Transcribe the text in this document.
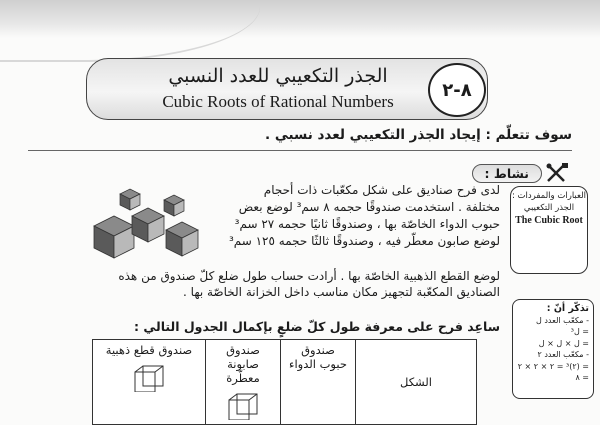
الجذر التكعيبي للعدد النسبي
Cubic Roots of Rational Numbers
٨-٢
سوف تتعلّم : إيجاد الجذر التكعيبي لعدد نسبي .
نشاط :
العبارات والمفردات :
الجذر التكعيبي
The Cubic Root
لدى فرح صناديق على شكل مكعّبات ذات أحجام
مختلفة . استخدمت صندوقًا حجمه ٨ سم³ لوضع بعض
حبوب الدواء الخاصّة بها ، وصندوقًا ثانيًا حجمه ٢٧ سم³
لوضع صابون معطّر فيه ، وصندوقًا ثالثًا حجمه ١٢٥ سم³
لوضع القطع الذهبية الخاصّة بها . أرادت حساب طول ضلع كلّ صندوق من هذه
الصناديق المكعّبة لتجهيز مكان مناسب داخل الخزانة الخاصّة بها .
ساعِد فرح على معرفة طول كلّ ضلعٍ بإكمال الجدول التالي :
تذكّر أنّ :
- مكعّب العدد ل
= ل³
= ل × ل × ل
- مكعّب العدد ٢
= (٢)³ = ٢ × ٢ × ٢
= ٨
الشكل	
صندوق حبوب الدواء

صندوق صابونة معطّرة

صندوق قطع ذهبية
